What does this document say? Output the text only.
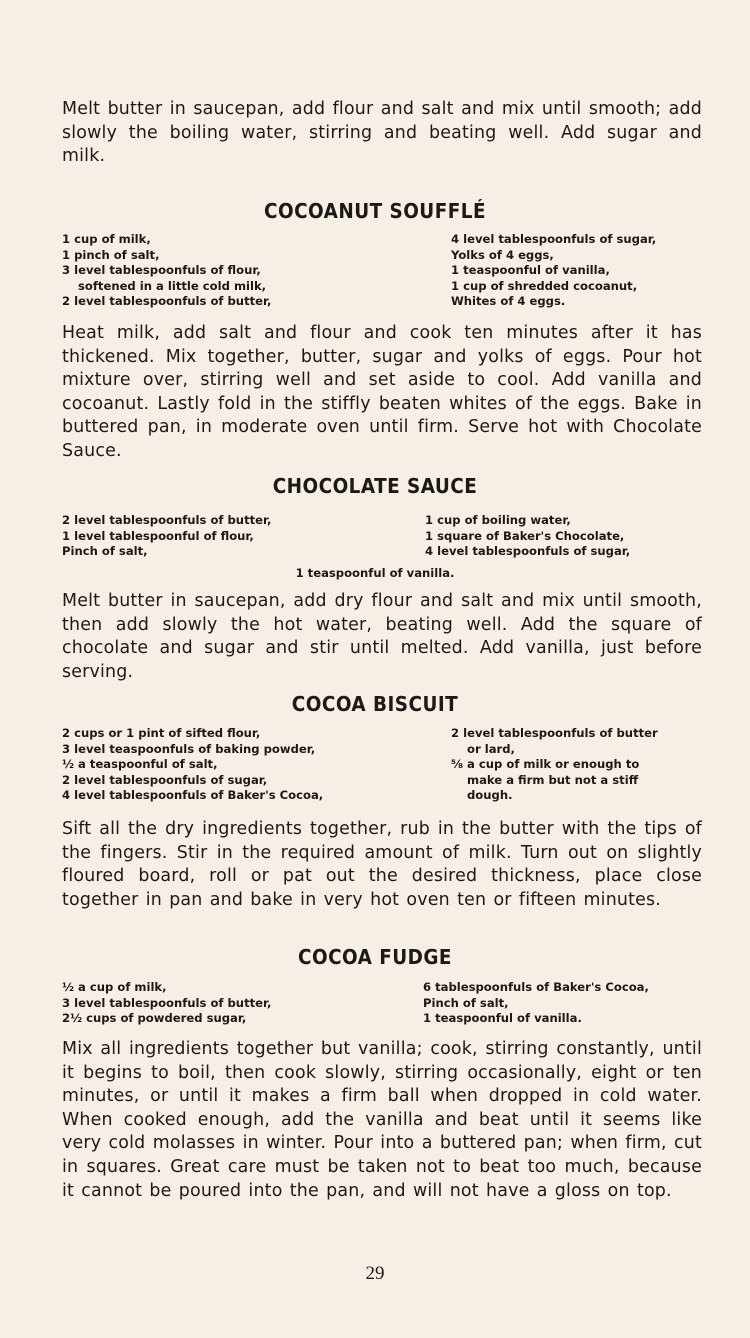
Melt butter in saucepan, add flour and salt and mix until smooth; add slowly the boiling water, stirring and beating well. Add sugar and milk.

COCOANUT SOUFFLÉ
1 cup of milk,
1 pinch of salt,
3 level tablespoonfuls of flour,
softened in a little cold milk,
2 level tablespoonfuls of butter,
4 level tablespoonfuls of sugar,
Yolks of 4 eggs,
1 teaspoonful of vanilla,
1 cup of shredded cocoanut,
Whites of 4 eggs.

Heat milk, add salt and flour and cook ten minutes after it has thickened. Mix together, butter, sugar and yolks of eggs. Pour hot mixture over, stirring well and set aside to cool. Add vanilla and cocoanut. Lastly fold in the stiffly beaten whites of the eggs. Bake in buttered pan, in moderate oven until firm. Serve hot with Chocolate Sauce.

CHOCOLATE SAUCE
2 level tablespoonfuls of butter,
1 level tablespoonful of flour,
Pinch of salt,
1 cup of boiling water,
1 square of Baker's Chocolate,
4 level tablespoonfuls of sugar,
1 teaspoonful of vanilla.

Melt butter in saucepan, add dry flour and salt and mix until smooth, then add slowly the hot water, beating well. Add the square of chocolate and sugar and stir until melted. Add vanilla, just before serving.

COCOA BISCUIT
2 cups or 1 pint of sifted flour,
3 level teaspoonfuls of baking powder,
½ a teaspoonful of salt,
2 level tablespoonfuls of sugar,
4 level tablespoonfuls of Baker's Cocoa,
2 level tablespoonfuls of butter
or lard,
⅝ a cup of milk or enough to
make a firm but not a stiff
dough.

Sift all the dry ingredients together, rub in the butter with the tips of the fingers. Stir in the required amount of milk. Turn out on slightly floured board, roll or pat out the desired thickness, place close together in pan and bake in very hot oven ten or fifteen minutes.

COCOA FUDGE
½ a cup of milk,
3 level tablespoonfuls of butter,
2½ cups of powdered sugar,
6 tablespoonfuls of Baker's Cocoa,
Pinch of salt,
1 teaspoonful of vanilla.

Mix all ingredients together but vanilla; cook, stirring constantly, until it begins to boil, then cook slowly, stirring occasionally, eight or ten minutes, or until it makes a firm ball when dropped in cold water. When cooked enough, add the vanilla and beat until it seems like very cold molasses in winter. Pour into a buttered pan; when firm, cut in squares. Great care must be taken not to beat too much, because it cannot be poured into the pan, and will not have a gloss on top.

29
